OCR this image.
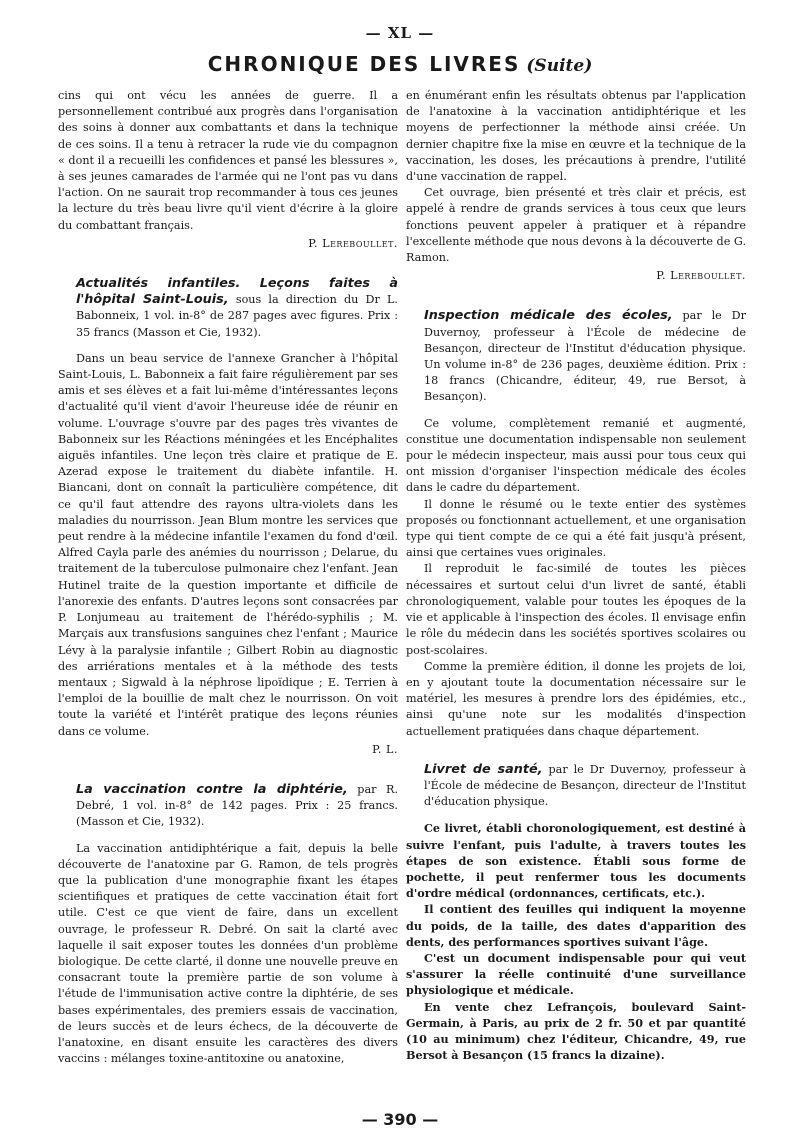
— XL —
CHRONIQUE DES LIVRES (Suite)

cins qui ont vécu les années de guerre. Il a personnellement contribué aux progrès dans l'organisation des soins à donner aux combattants et dans la technique de ces soins. Il a tenu à retracer la rude vie du compagnon « dont il a recueilli les confidences et pansé les blessures », à ses jeunes camarades de l'armée qui ne l'ont pas vu dans l'action. On ne saurait trop recommander à tous ces jeunes la lecture du très beau livre qu'il vient d'écrire à la gloire du combattant français.

P. Lereboullet.

Actualités infantiles. Leçons faites à l'hôpital Saint-Louis, sous la direction du Dr L. Babonneix, 1 vol. in-8° de 287 pages avec figures. Prix : 35 francs (Masson et Cie, 1932).

Dans un beau service de l'annexe Grancher à l'hôpital Saint-Louis, L. Babonneix a fait faire régulièrement par ses amis et ses élèves et a fait lui-même d'intéressantes leçons d'actualité qu'il vient d'avoir l'heureuse idée de réunir en volume. L'ouvrage s'ouvre par des pages très vivantes de Babonneix sur les Réactions méningées et les Encéphalites aiguës infantiles. Une leçon très claire et pratique de E. Azerad expose le traitement du diabète infantile. H. Biancani, dont on connaît la particulière compétence, dit ce qu'il faut attendre des rayons ultra-violets dans les maladies du nourrisson. Jean Blum montre les services que peut rendre à la médecine infantile l'examen du fond d'œil. Alfred Cayla parle des anémies du nourrisson ; Delarue, du traitement de la tuberculose pulmonaire chez l'enfant. Jean Hutinel traite de la question importante et difficile de l'anorexie des enfants. D'autres leçons sont consacrées par P. Lonjumeau au traitement de l'hérédo-syphilis ; M. Marçais aux transfusions sanguines chez l'enfant ; Maurice Lévy à la paralysie infantile ; Gilbert Robin au diagnostic des arriérations mentales et à la méthode des tests mentaux ; Sigwald à la néphrose lipoïdique ; E. Terrien à l'emploi de la bouillie de malt chez le nourrisson. On voit toute la variété et l'intérêt pratique des leçons réunies dans ce volume.

P. L.

La vaccination contre la diphtérie, par R. Debré, 1 vol. in-8° de 142 pages. Prix : 25 francs. (Masson et Cie, 1932).

La vaccination antidiphtérique a fait, depuis la belle découverte de l'anatoxine par G. Ramon, de tels progrès que la publication d'une monographie fixant les étapes scientifiques et pratiques de cette vaccination était fort utile. C'est ce que vient de faire, dans un excellent ouvrage, le professeur R. Debré. On sait la clarté avec laquelle il sait exposer toutes les données d'un problème biologique. De cette clarté, il donne une nouvelle preuve en consacrant toute la première partie de son volume à l'étude de l'immunisation active contre la diphtérie, de ses bases expérimentales, des premiers essais de vaccination, de leurs succès et de leurs échecs, de la découverte de l'anatoxine, en disant ensuite les caractères des divers vaccins : mélanges toxine-antitoxine ou anatoxine,

en énumérant enfin les résultats obtenus par l'application de l'anatoxine à la vaccination antidiphtérique et les moyens de perfectionner la méthode ainsi créée. Un dernier chapitre fixe la mise en œuvre et la technique de la vaccination, les doses, les précautions à prendre, l'utilité d'une vaccination de rappel.

Cet ouvrage, bien présenté et très clair et précis, est appelé à rendre de grands services à tous ceux que leurs fonctions peuvent appeler à pratiquer et à répandre l'excellente méthode que nous devons à la découverte de G. Ramon.

P. Lereboullet.

Inspection médicale des écoles, par le Dr Duvernoy, professeur à l'École de médecine de Besançon, directeur de l'Institut d'éducation physique. Un volume in-8° de 236 pages, deuxième édition. Prix : 18 francs (Chicandre, éditeur, 49, rue Bersot, à Besançon).

Ce volume, complètement remanié et augmenté, constitue une documentation indispensable non seulement pour le médecin inspecteur, mais aussi pour tous ceux qui ont mission d'organiser l'inspection médicale des écoles dans le cadre du département.

Il donne le résumé ou le texte entier des systèmes proposés ou fonctionnant actuellement, et une organisation type qui tient compte de ce qui a été fait jusqu'à présent, ainsi que certaines vues originales.

Il reproduit le fac-similé de toutes les pièces nécessaires et surtout celui d'un livret de santé, établi chronologiquement, valable pour toutes les époques de la vie et applicable à l'inspection des écoles. Il envisage enfin le rôle du médecin dans les sociétés sportives scolaires ou post-scolaires.

Comme la première édition, il donne les projets de loi, en y ajoutant toute la documentation nécessaire sur le matériel, les mesures à prendre lors des épidémies, etc., ainsi qu'une note sur les modalités d'inspection actuellement pratiquées dans chaque département.

Livret de santé, par le Dr Duvernoy, professeur à l'École de médecine de Besançon, directeur de l'Institut d'éducation physique.

Ce livret, établi choronologiquement, est destiné à suivre l'enfant, puis l'adulte, à travers toutes les étapes de son existence. Établi sous forme de pochette, il peut renfermer tous les documents d'ordre médical (ordonnances, certificats, etc.).

Il contient des feuilles qui indiquent la moyenne du poids, de la taille, des dates d'apparition des dents, des performances sportives suivant l'âge.

C'est un document indispensable pour qui veut s'assurer la réelle continuité d'une surveillance physiologique et médicale.

En vente chez Lefrançois, boulevard Saint-Germain, à Paris, au prix de 2 fr. 50 et par quantité (10 au minimum) chez l'éditeur, Chicandre, 49, rue Bersot à Besançon (15 francs la dizaine).

— 390 —
